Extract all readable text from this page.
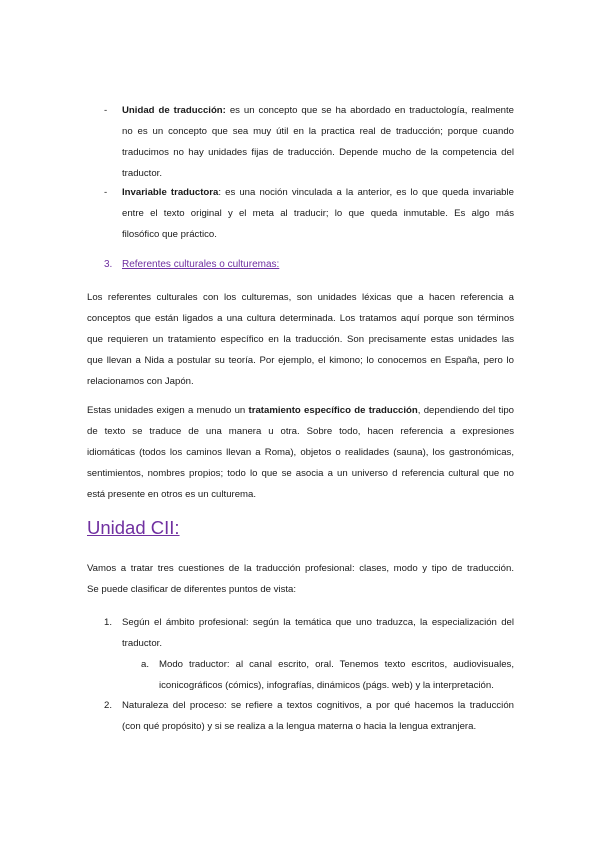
- Unidad de traducción: es un concepto que se ha abordado en traductología, realmente
no es un concepto que sea muy útil en la practica real de traducción; porque cuando
traducimos no hay unidades fijas de traducción. Depende mucho de la competencia del
traductor.
- Invariable traductora: es una noción vinculada a la anterior, es lo que queda invariable
entre el texto original y el meta al traducir; lo que queda inmutable. Es algo más
filosófico que práctico.
3. Referentes culturales o culturemas:
Los referentes culturales con los culturemas, son unidades léxicas que a hacen referencia a
conceptos que están ligados a una cultura determinada. Los tratamos aquí porque son términos
que requieren un tratamiento específico en la traducción. Son precisamente estas unidades las
que llevan a Nida a postular su teoría. Por ejemplo, el kimono; lo conocemos en España, pero lo
relacionamos con Japón.
Estas unidades exigen a menudo un tratamiento específico de traducción, dependiendo del tipo
de texto se traduce de una manera u otra. Sobre todo, hacen referencia a expresiones
idiomáticas (todos los caminos llevan a Roma), objetos o realidades (sauna), los gastronómicas,
sentimientos, nombres propios; todo lo que se asocia a un universo d referencia cultural que no
está presente en otros es un culturema.
Unidad CII:
Vamos a tratar tres cuestiones de la traducción profesional: clases, modo y tipo de traducción.
Se puede clasificar de diferentes puntos de vista:
1. Según el ámbito profesional: según la temática que uno traduzca, la especialización del
traductor.
a. Modo traductor: al canal escrito, oral. Tenemos texto escritos, audiovisuales,
iconicográficos (cómics), infografías, dinámicos (págs. web) y la interpretación.
2. Naturaleza del proceso: se refiere a textos cognitivos, a por qué hacemos la traducción
(con qué propósito) y si se realiza a la lengua materna o hacia la lengua extranjera.
